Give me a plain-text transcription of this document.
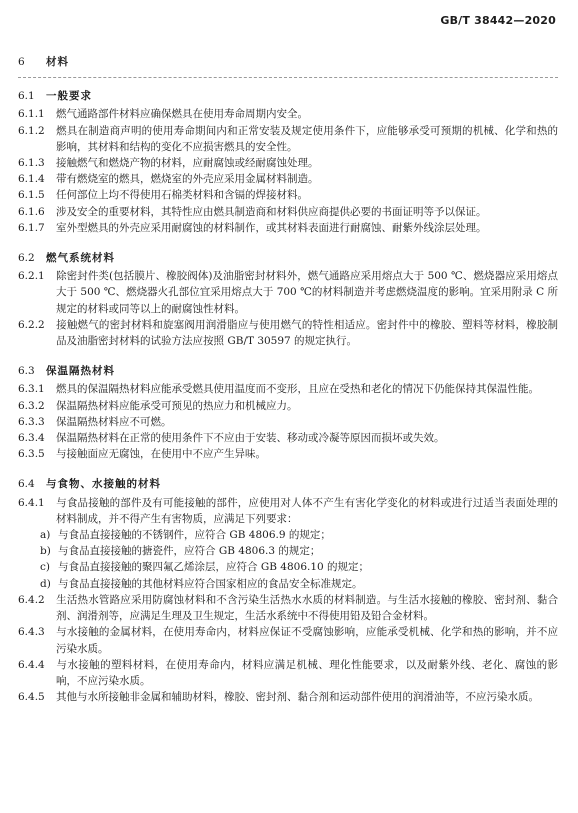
GB/T 38442—2020
6 材料
6.1 一般要求
6.1.1 燃气通路部件材料应确保燃具在使用寿命周期内安全。
6.1.2 燃具在制造商声明的使用寿命期间内和正常安装及规定使用条件下，应能够承受可预期的机械、化学和热的影响，其材料和结构的变化不应损害燃具的安全性。
6.1.3 接触燃气和燃烧产物的材料，应耐腐蚀或经耐腐蚀处理。
6.1.4 带有燃烧室的燃具，燃烧室的外壳应采用金属材料制造。
6.1.5 任何部位上均不得使用石棉类材料和含镉的焊接材料。
6.1.6 涉及安全的重要材料，其特性应由燃具制造商和材料供应商提供必要的书面证明等予以保证。
6.1.7 室外型燃具的外壳应采用耐腐蚀的材料制作，或其材料表面进行耐腐蚀、耐紫外线涂层处理。
6.2 燃气系统材料
6.2.1 除密封件类(包括膜片、橡胶阀体)及油脂密封材料外，燃气通路应采用熔点大于 500 ℃、燃烧器应采用熔点大于 500 ℃、燃烧器火孔部位宜采用熔点大于 700 ℃的材料制造并考虑燃烧温度的影响。宜采用附录 C 所规定的材料或同等以上的耐腐蚀性材料。
6.2.2 接触燃气的密封材料和旋塞阀用润滑脂应与使用燃气的特性相适应。密封件中的橡胶、塑料等材料，橡胶制品及油脂密封材料的试验方法应按照 GB/T 30597 的规定执行。
6.3 保温隔热材料
6.3.1 燃具的保温隔热材料应能承受燃具使用温度而不变形，且应在受热和老化的情况下仍能保持其保温性能。
6.3.2 保温隔热材料应能承受可预见的热应力和机械应力。
6.3.3 保温隔热材料应不可燃。
6.3.4 保温隔热材料在正常的使用条件下不应由于安装、移动或冷凝等原因而损坏或失效。
6.3.5 与接触面应无腐蚀，在使用中不应产生异味。
6.4 与食物、水接触的材料
6.4.1 与食品接触的部件及有可能接触的部件，应使用对人体不产生有害化学变化的材料或进行过适当表面处理的材料制成，并不得产生有害物质，应满足下列要求：
a) 与食品直接接触的不锈钢件，应符合 GB 4806.9 的规定；
b) 与食品直接接触的搪瓷件，应符合 GB 4806.3 的规定；
c) 与食品直接接触的聚四氟乙烯涂层，应符合 GB 4806.10 的规定；
d) 与食品直接接触的其他材料应符合国家相应的食品安全标准规定。
6.4.2 生活热水管路应采用防腐蚀材料和不含污染生活热水水质的材料制造。与生活水接触的橡胶、密封剂、黏合剂、润滑剂等，应满足生理及卫生规定，生活水系统中不得使用铅及铅合金材料。
6.4.3 与水接触的金属材料，在使用寿命内，材料应保证不受腐蚀影响，应能承受机械、化学和热的影响，并不应污染水质。
6.4.4 与水接触的塑料材料，在使用寿命内，材料应满足机械、理化性能要求，以及耐紫外线、老化、腐蚀的影响，不应污染水质。
6.4.5 其他与水所接触非金属和辅助材料，橡胶、密封剂、黏合剂和运动部件使用的润滑油等，不应污染水质。
